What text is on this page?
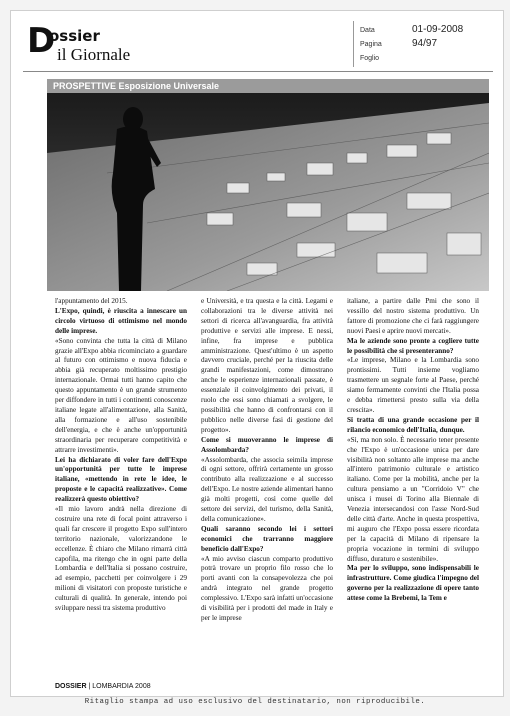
D
ossier
il Giornale
Data	01-09-2008
Pagina	94/97
Foglio
PROSPETTIVE Esposizione Universale

l'appuntamento del 2015.

L'Expo, quindi, è riuscita a innescare un circolo virtuoso di ottimismo nel mondo delle imprese.

«Sono convinta che tutta la città di Milano grazie all'Expo abbia ricominciato a guardare al futuro con ottimismo e nuova fiducia e abbia già recuperato moltissimo prestigio internazionale. Ormai tutti hanno capito che questo appuntamento è un grande strumento per diffondere in tutti i continenti conoscenze italiane legate all'alimentazione, alla Sanità, alla formazione e all'uso sostenibile dell'energia, e che è anche un'opportunità straordinaria per recuperare competitività e attrarre investimenti».

Lei ha dichiarato di voler fare dell'Expo un'opportunità per tutte le imprese italiane, «mettendo in rete le idee, le proposte e le capacità realizzative». Come realizzerà questo obiettivo?

«Il mio lavoro andrà nella direzione di costruire una rete di focal point attraverso i quali far crescere il progetto Expo sull'intero territorio nazionale, valorizzandone le eccellenze. È chiaro che Milano rimarrà città capofila, ma ritengo che in ogni parte della Lombardia e dell'Italia si possano costruire, ad esempio, pacchetti per coinvolgere i 29 milioni di visitatori con proposte turistiche e culturali di qualità. In generale, intendo poi sviluppare nessi tra sistema produttivo

e Università, e tra questa e la città. Legami e collaborazioni tra le diverse attività nei settori di ricerca all'avanguardia, fra attività produttive e servizi alle imprese. E nessi, infine, fra imprese e pubblica amministrazione. Quest'ultimo è un aspetto davvero cruciale, perché per la riuscita delle grandi manifestazioni, come dimostrano anche le esperienze internazionali passate, è essenziale il coinvolgimento dei privati, il ruolo che essi sono chiamati a svolgere, le possibilità che hanno di confrontarsi con il pubblico nelle diverse fasi di gestione del progetto».

Come si muoveranno le imprese di Assolombarda?

«Assolombarda, che associa seimila imprese di ogni settore, offrirà certamente un grosso contributo alla realizzazione e al successo dell'Expo. Le nostre aziende alimentari hanno già molti progetti, così come quelle del settore dei servizi, del turismo, della Sanità, della comunicazione».

Quali saranno secondo lei i settori economici che trarranno maggiore beneficio dall'Expo?

«A mio avviso ciascun comparto produttivo potrà trovare un proprio filo rosso che lo porti avanti con la consapevolezza che poi andrà integrato nel grande progetto complessivo. L'Expo sarà infatti un'occasione di visibilità per i prodotti del made in Italy e per le imprese

italiane, a partire dalle Pmi che sono il vessillo del nostro sistema produttivo. Un fattore di promozione che ci farà raggiungere nuovi Paesi e aprire nuovi mercati».

Ma le aziende sono pronte a cogliere tutte le possibilità che si presenteranno?

«Le imprese, Milano e la Lombardia sono prontissimi. Tutti insieme vogliamo trasmettere un segnale forte al Paese, perché siamo fermamente convinti che l'Italia possa e debba rimettersi presto sulla via della crescita».

Si tratta di una grande occasione per il rilancio economico dell'Italia, dunque.

«Sì, ma non solo. È necessario tener presente che l'Expo è un'occasione unica per dare visibilità non soltanto alle imprese ma anche all'intero patrimonio culturale e artistico italiano. Come per la mobilità, anche per la cultura pensiamo a un "Corridoio V" che unisca i musei di Torino alla Biennale di Venezia intersecandosi con l'asse Nord-Sud delle città d'arte. Anche in questa prospettiva, mi auguro che l'Expo possa essere ricordata per la capacità di Milano di ripensare la propria vocazione in termini di sviluppo diffuso, duraturo e sostenibile».

Ma per lo sviluppo, sono indispensabili le infrastrutture. Come giudica l'impegno del governo per la realizzazione di opere tanto attese come la Brebemi, la Tem e

DOSSIER | LOMBARDIA 2008
Ritaglio stampa ad uso esclusivo del destinatario, non riproducibile.
